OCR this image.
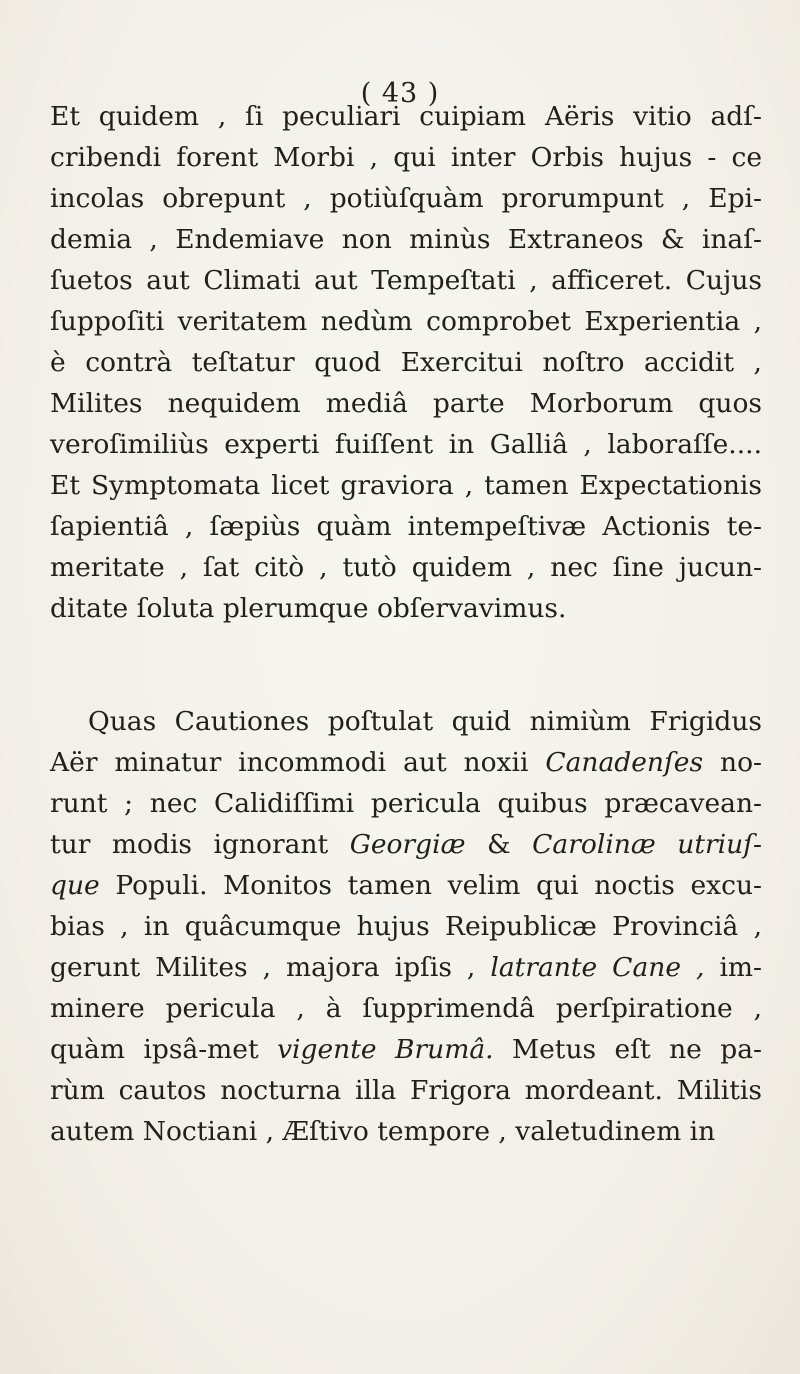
( 43 )
Et quidem , ſi peculiari cuipiam Aëris vitio adſ-
cribendi forent Morbi , qui inter Orbis hujus - ce
incolas obrepunt , potiùſquàm prorumpunt , Epi-
demia , Endemiave non minùs Extraneos & inaſ-
ſuetos aut Climati aut Tempeſtati , afficeret. Cujus
ſuppoſiti veritatem nedùm comprobet Experientia ,
è contrà teſtatur quod Exercitui noſtro accidit ,
Milites nequidem mediâ parte Morborum quos
veroſimiliùs experti fuiſſent in Galliâ , laboraſſe....
Et Symptomata licet graviora , tamen Expectationis
ſapientiâ , ſæpiùs quàm intempeſtivæ Actionis te-
meritate , ſat citò , tutò quidem , nec ſine jucun-
ditate ſoluta plerumque obſervavimus.
Quas Cautiones poſtulat quid nimiùm Frigidus
Aër minatur incommodi aut noxii Canadenſes no-
runt ; nec Calidiſſimi pericula quibus præcavean-
tur modis ignorant Georgiæ & Carolinæ utriuſ-
que Populi. Monitos tamen velim qui noctis excu-
bias , in quâcumque hujus Reipublicæ Provinciâ ,
gerunt Milites , majora ipſis , latrante Cane , im-
minere pericula , à ſupprimendâ perſpiratione ,
quàm ipsâ-met vigente Brumâ. Metus eſt ne pa-
rùm cautos nocturna illa Frigora mordeant. Militis
autem Noctiani , Æſtivo tempore , valetudinem in
